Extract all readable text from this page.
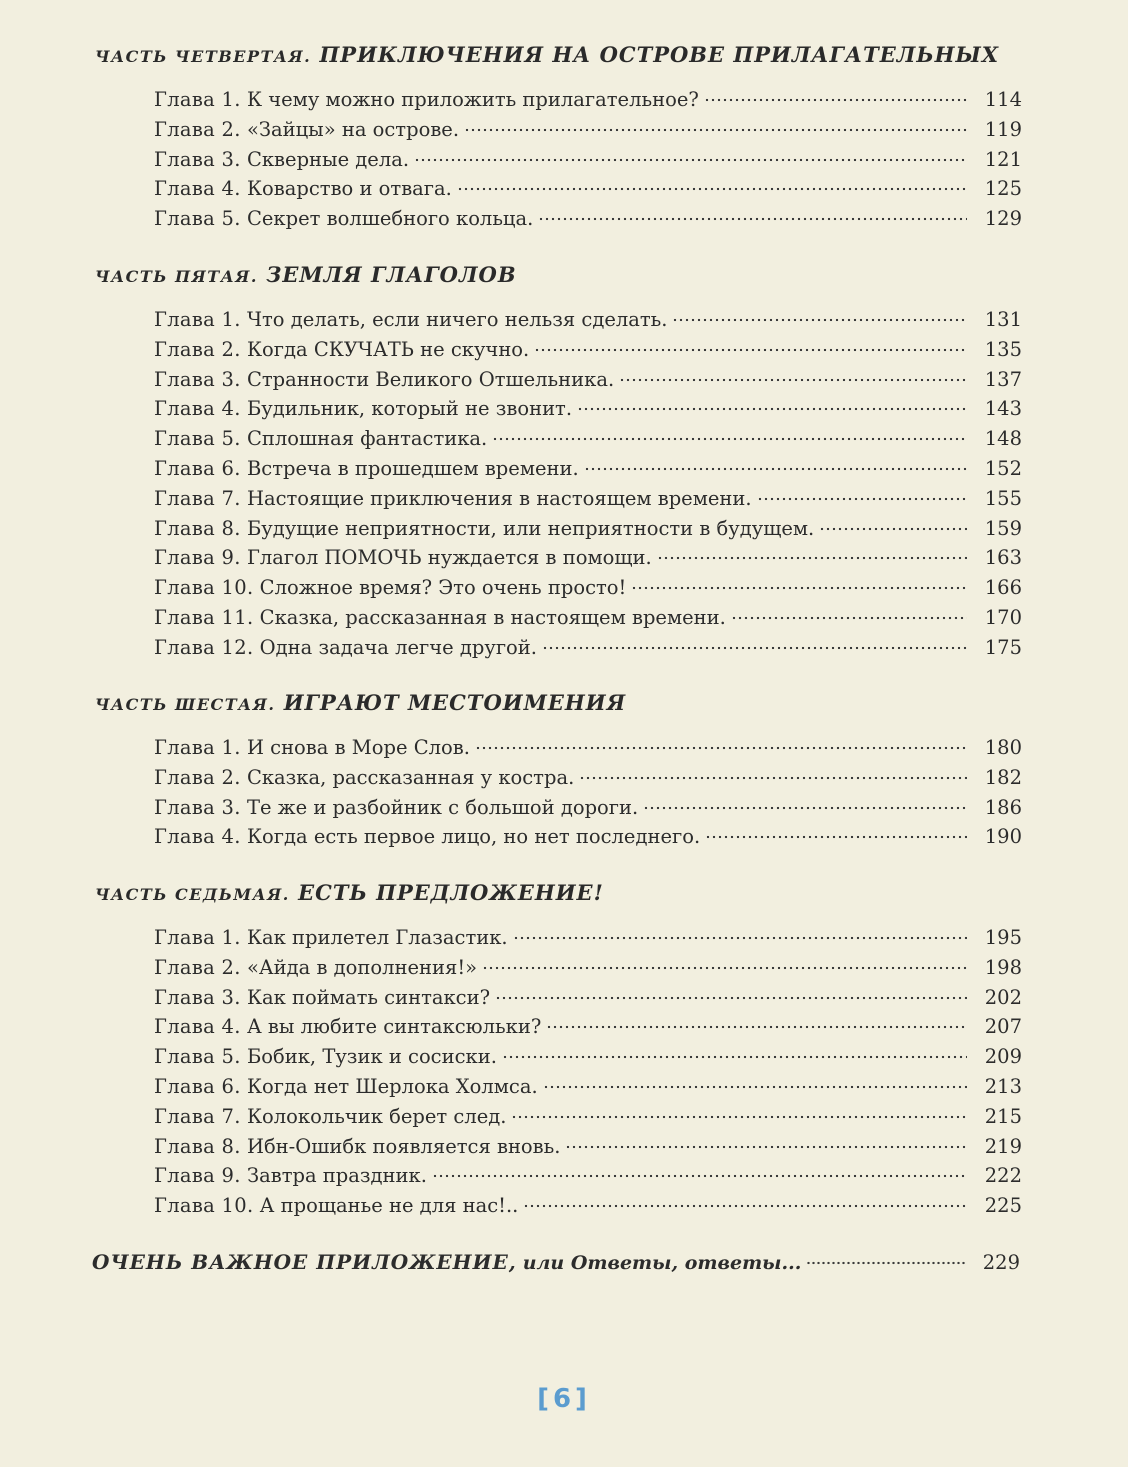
ЧАСТЬ ЧЕТВЕРТАЯ. ПРИКЛЮЧЕНИЯ НА ОСТРОВЕ ПРИЛАГАТЕЛЬНЫХ
Глава 1. К чему можно приложить прилагательное?	114
Глава 2. «Зайцы» на острове.	119
Глава 3. Скверные дела.	121
Глава 4. Коварство и отвага.	125
Глава 5. Секрет волшебного кольца.	129
ЧАСТЬ ПЯТАЯ. ЗЕМЛЯ ГЛАГОЛОВ
Глава 1. Что делать, если ничего нельзя сделать.	131
Глава 2. Когда СКУЧАТЬ не скучно.	135
Глава 3. Странности Великого Отшельника.	137
Глава 4. Будильник, который не звонит.	143
Глава 5. Сплошная фантастика.	148
Глава 6. Встреча в прошедшем времени.	152
Глава 7. Настоящие приключения в настоящем времени.	155
Глава 8. Будущие неприятности, или неприятности в будущем.	159
Глава 9. Глагол ПОМОЧЬ нуждается в помощи.	163
Глава 10. Сложное время? Это очень просто!	166
Глава 11. Сказка, рассказанная в настоящем времени.	170
Глава 12. Одна задача легче другой.	175
ЧАСТЬ ШЕСТАЯ. ИГРАЮТ МЕСТОИМЕНИЯ
Глава 1. И снова в Море Слов.	180
Глава 2. Сказка, рассказанная у костра.	182
Глава 3. Те же и разбойник с большой дороги.	186
Глава 4. Когда есть первое лицо, но нет последнего.	190
ЧАСТЬ СЕДЬМАЯ. ЕСТЬ ПРЕДЛОЖЕНИЕ!
Глава 1. Как прилетел Глазастик.	195
Глава 2. «Айда в дополнения!»	198
Глава 3. Как поймать синтакси?	202
Глава 4. А вы любите синтаксюльки?	207
Глава 5. Бобик, Тузик и сосиски.	209
Глава 6. Когда нет Шерлока Холмса.	213
Глава 7. Колокольчик берет след.	215
Глава 8. Ибн-Ошибк появляется вновь.	219
Глава 9. Завтра праздник.	222
Глава 10. А прощанье не для нас!..	225
ОЧЕНЬ ВАЖНОЕ ПРИЛОЖЕНИЕ, или Ответы, ответы...	229
[6]
